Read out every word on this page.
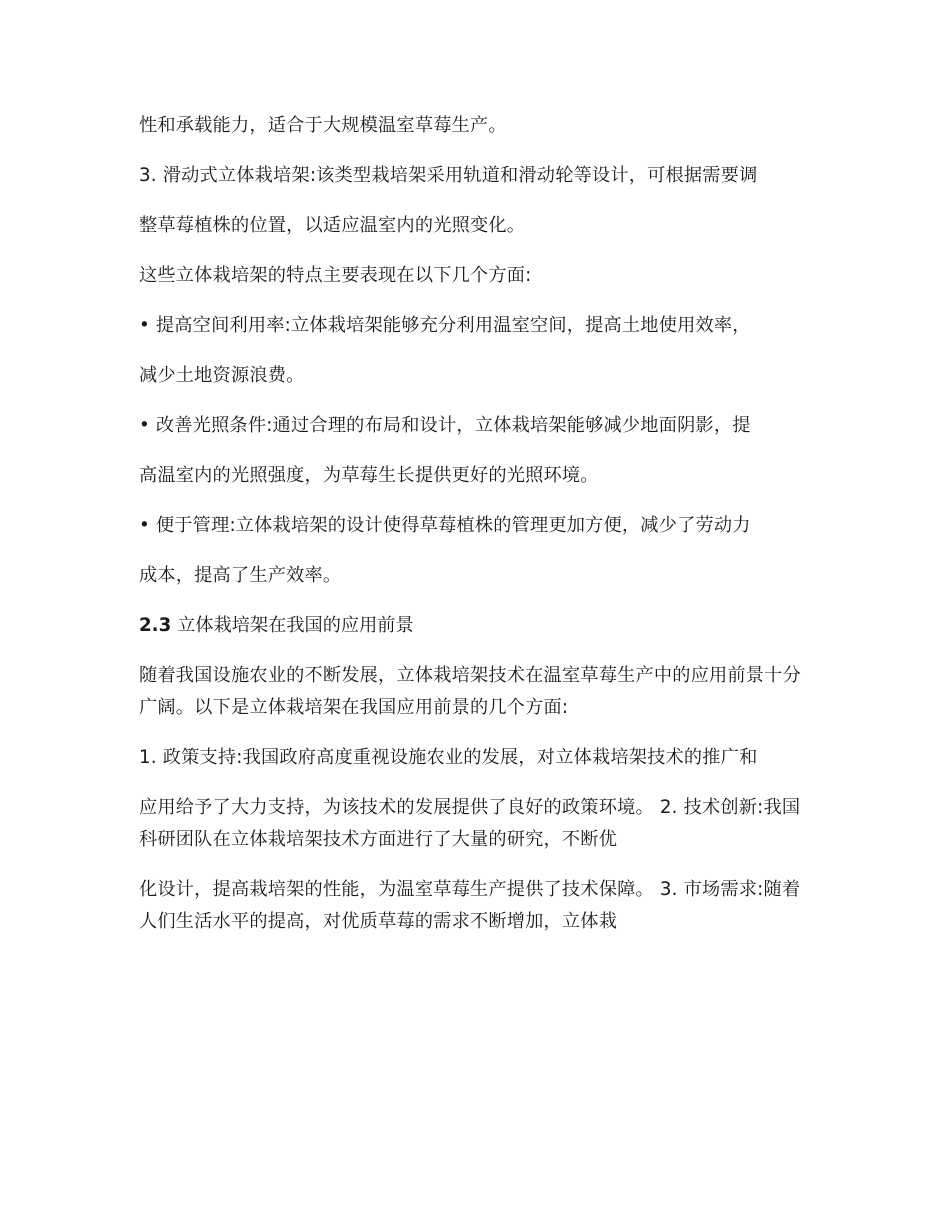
性和承载能力，适合于大规模温室草莓生产。

3. 滑动式立体栽培架:该类型栽培架采用轨道和滑动轮等设计，可根据需要调

整草莓植株的位置，以适应温室内的光照变化。

这些立体栽培架的特点主要表现在以下几个方面:

• 提高空间利用率:立体栽培架能够充分利用温室空间，提高土地使用效率，

减少土地资源浪费。

• 改善光照条件:通过合理的布局和设计，立体栽培架能够减少地面阴影，提

高温室内的光照强度，为草莓生长提供更好的光照环境。

• 便于管理:立体栽培架的设计使得草莓植株的管理更加方便，减少了劳动力

成本，提高了生产效率。

2.3 立体栽培架在我国的应用前景

随着我国设施农业的不断发展，立体栽培架技术在温室草莓生产中的应用前景十分广阔。以下是立体栽培架在我国应用前景的几个方面:

1. 政策支持:我国政府高度重视设施农业的发展，对立体栽培架技术的推广和

应用给予了大力支持，为该技术的发展提供了良好的政策环境。 2. 技术创新:我国科研团队在立体栽培架技术方面进行了大量的研究，不断优

化设计，提高栽培架的性能，为温室草莓生产提供了技术保障。 3. 市场需求:随着人们生活水平的提高，对优质草莓的需求不断增加，立体栽
